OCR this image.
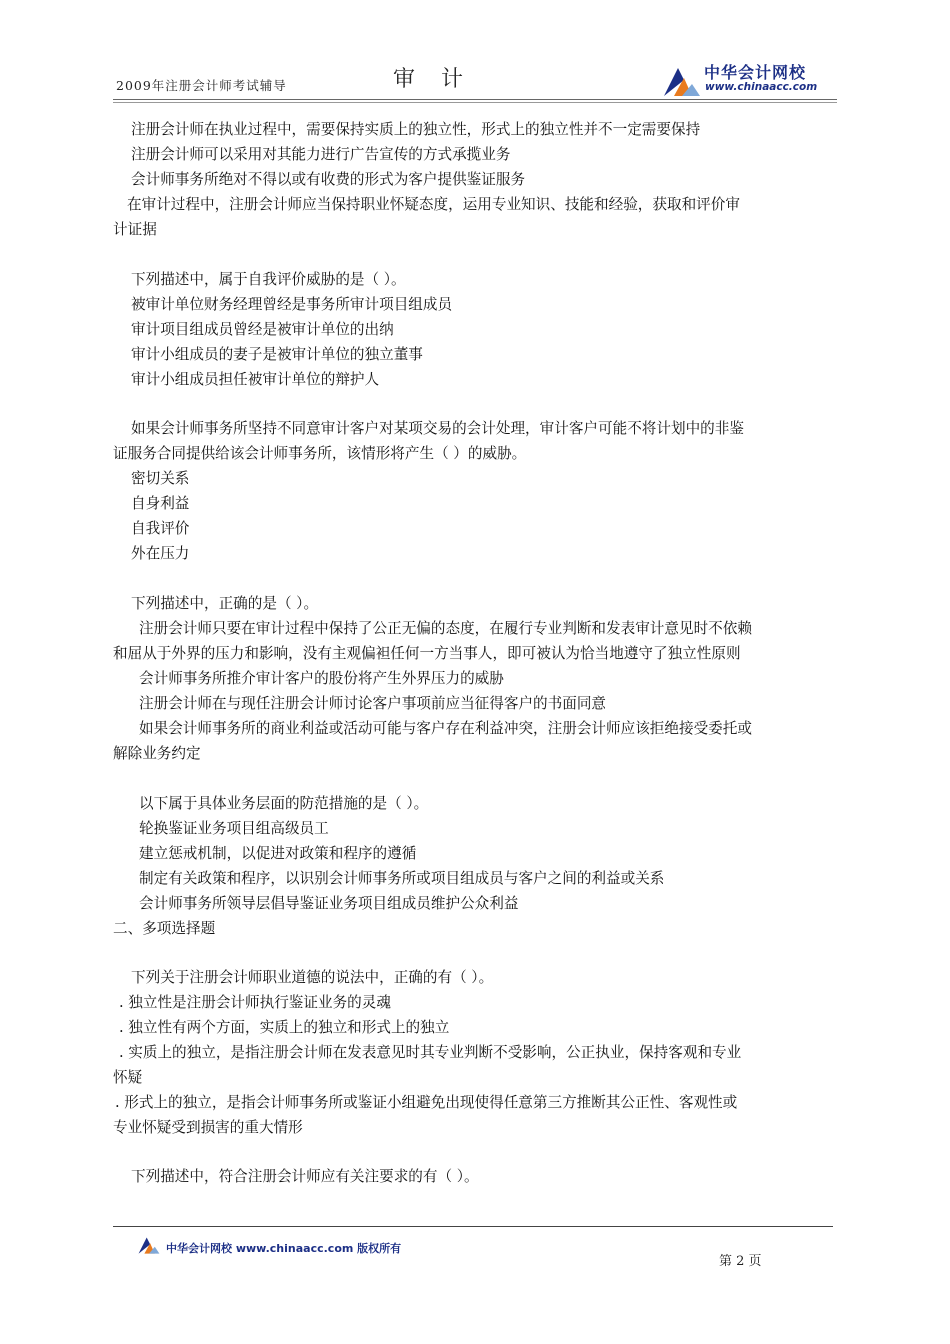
2009年注册会计师考试辅导	审计	中华会计网校
www.chinaacc.com
注册会计师在执业过程中，需要保持实质上的独立性，形式上的独立性并不一定需要保持
注册会计师可以采用对其能力进行广告宣传的方式承揽业务
会计师事务所绝对不得以或有收费的形式为客户提供鉴证服务
在审计过程中，注册会计师应当保持职业怀疑态度，运用专业知识、技能和经验，获取和评价审
计证据
下列描述中，属于自我评价威胁的是（ ）。
被审计单位财务经理曾经是事务所审计项目组成员
审计项目组成员曾经是被审计单位的出纳
审计小组成员的妻子是被审计单位的独立董事
审计小组成员担任被审计单位的辩护人
如果会计师事务所坚持不同意审计客户对某项交易的会计处理，审计客户可能不将计划中的非鉴
证服务合同提供给该会计师事务所，该情形将产生（ ）的威胁。
密切关系
自身利益
自我评价
外在压力
下列描述中，正确的是（ ）。
注册会计师只要在审计过程中保持了公正无偏的态度，在履行专业判断和发表审计意见时不依赖
和屈从于外界的压力和影响，没有主观偏袒任何一方当事人，即可被认为恰当地遵守了独立性原则
会计师事务所推介审计客户的股份将产生外界压力的威胁
注册会计师在与现任注册会计师讨论客户事项前应当征得客户的书面同意
如果会计师事务所的商业利益或活动可能与客户存在利益冲突，注册会计师应该拒绝接受委托或
解除业务约定
以下属于具体业务层面的防范措施的是（ ）。
轮换鉴证业务项目组高级员工
建立惩戒机制，以促进对政策和程序的遵循
制定有关政策和程序，以识别会计师事务所或项目组成员与客户之间的利益或关系
会计师事务所领导层倡导鉴证业务项目组成员维护公众利益
二、多项选择题
下列关于注册会计师职业道德的说法中，正确的有（ ）。
. 独立性是注册会计师执行鉴证业务的灵魂
. 独立性有两个方面，实质上的独立和形式上的独立
. 实质上的独立，是指注册会计师在发表意见时其专业判断不受影响，公正执业，保持客观和专业
怀疑
. 形式上的独立，是指会计师事务所或鉴证小组避免出现使得任意第三方推断其公正性、客观性或
专业怀疑受到损害的重大情形
下列描述中，符合注册会计师应有关注要求的有（ ）。
中华会计网校 www.chinaacc.com 版权所有
第 2 页
